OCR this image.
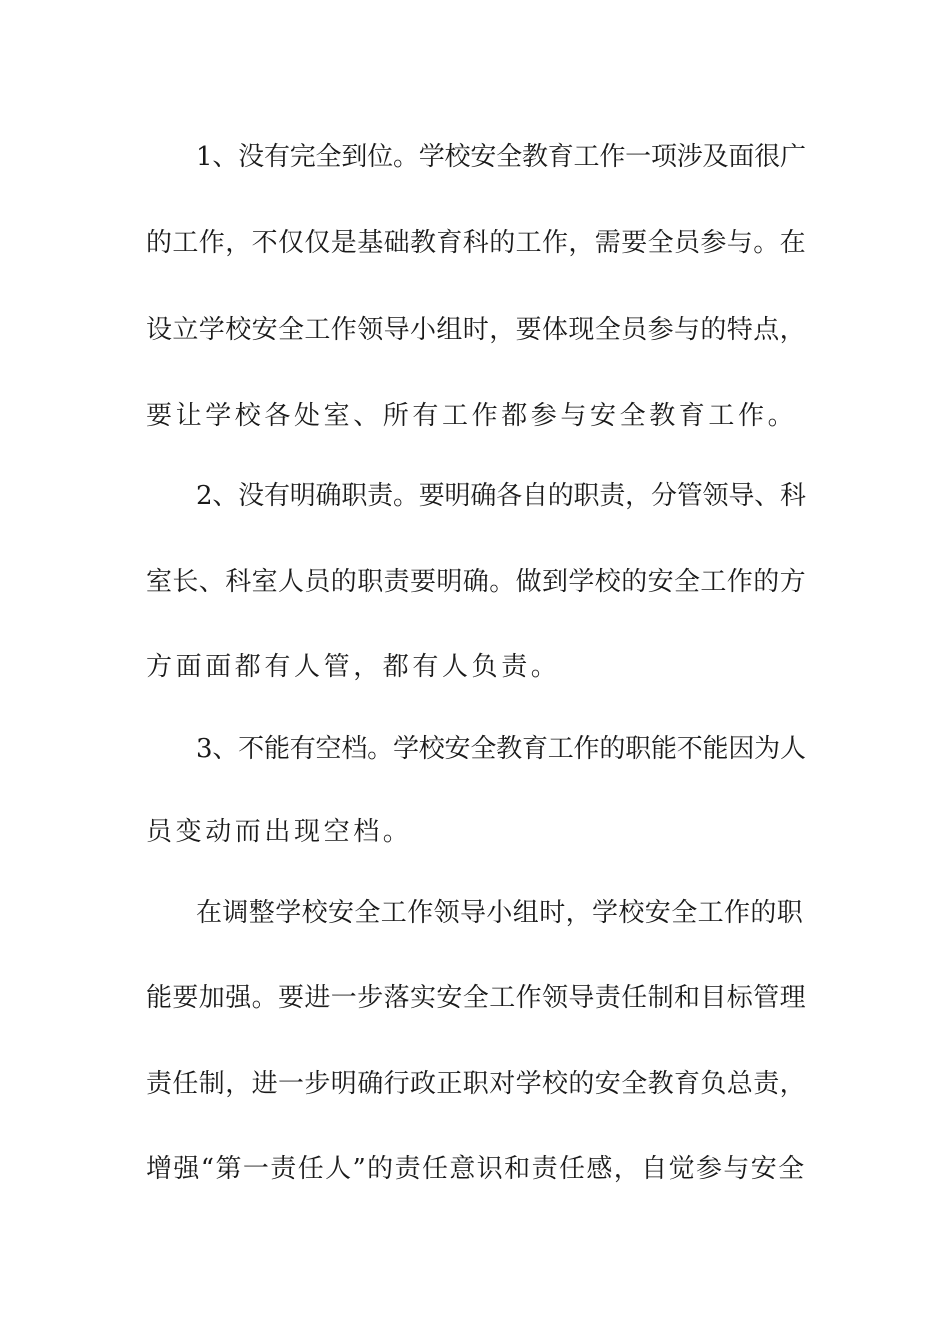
1、没有完全到位。学校安全教育工作一项涉及面很广
的工作，不仅仅是基础教育科的工作，需要全员参与。在
设立学校安全工作领导小组时，要体现全员参与的特点，
要让学校各处室、所有工作都参与安全教育工作。
2、没有明确职责。要明确各自的职责，分管领导、科
室长、科室人员的职责要明确。做到学校的安全工作的方
方面面都有人管，都有人负责。
3、不能有空档。学校安全教育工作的职能不能因为人
员变动而出现空档。
在调整学校安全工作领导小组时，学校安全工作的职
能要加强。要进一步落实安全工作领导责任制和目标管理
责任制，进一步明确行政正职对学校的安全教育负总责，
增强“第一责任人”的责任意识和责任感，自觉参与安全
